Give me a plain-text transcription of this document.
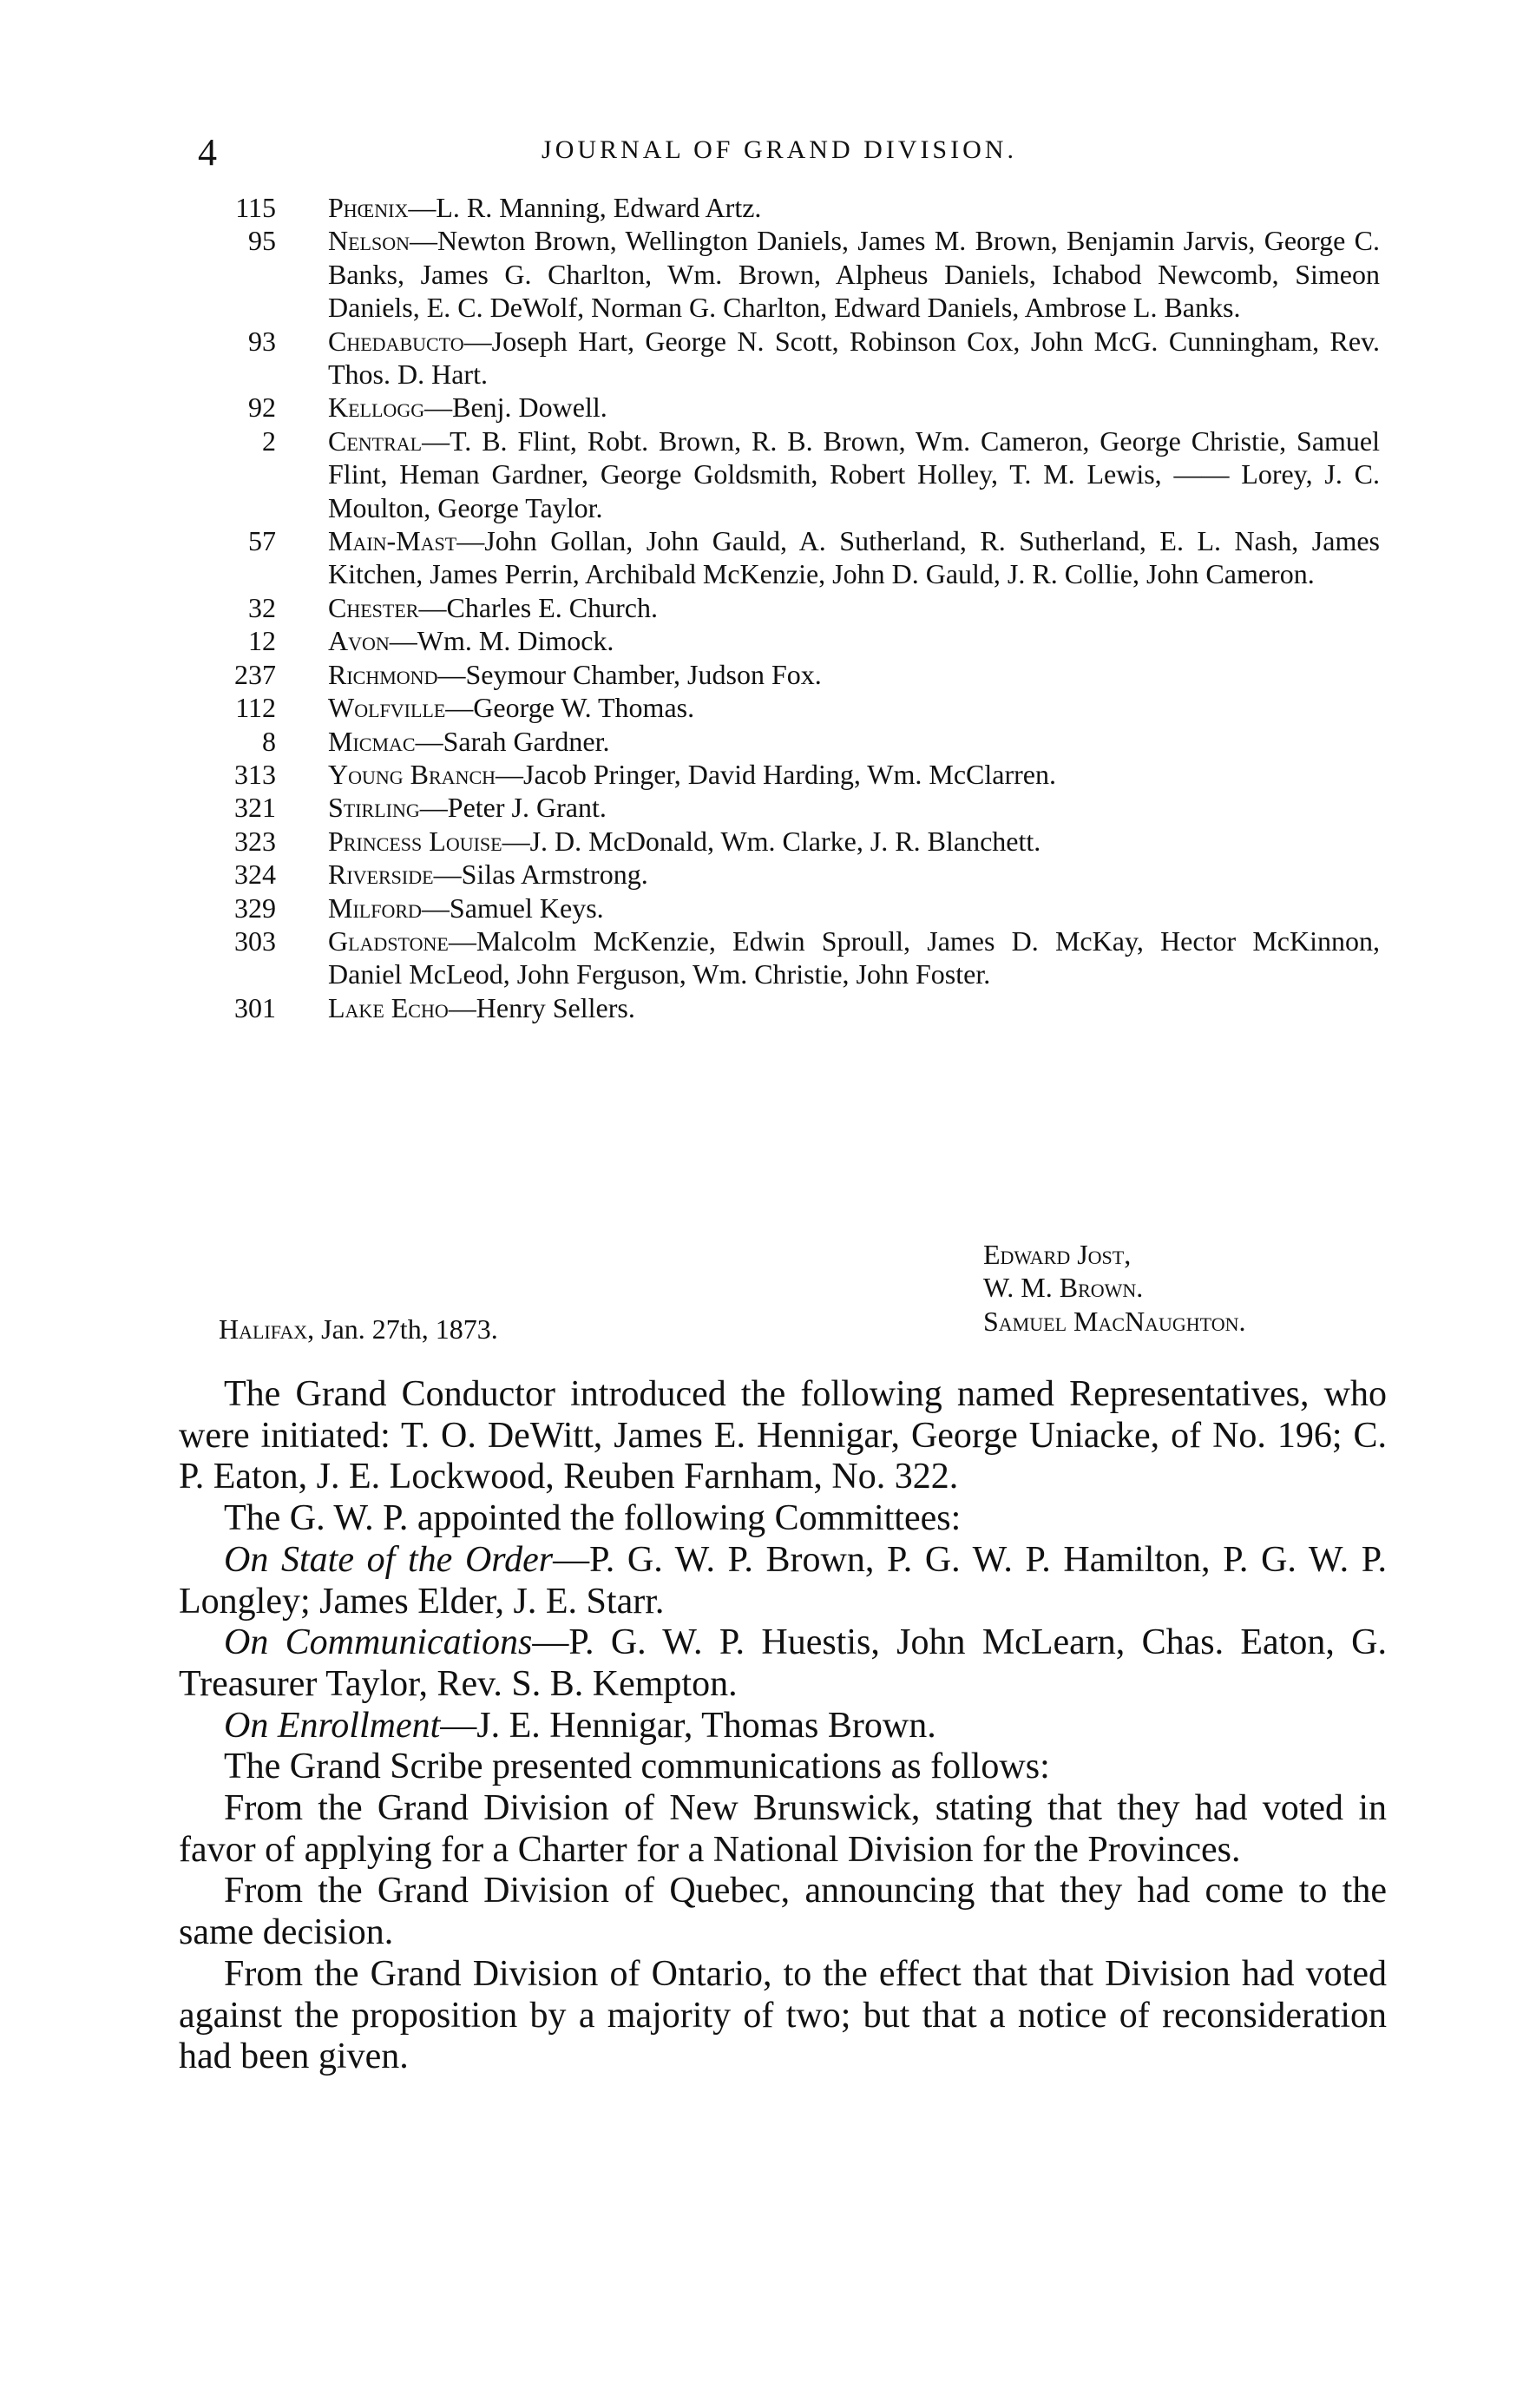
4	JOURNAL OF GRAND DIVISION.

115 Phœnix—L. R. Manning, Edward Artz.

95 Nelson—Newton Brown, Wellington Daniels, James M. Brown, Benjamin Jarvis, George C. Banks, James G. Charlton, Wm. Brown, Alpheus Daniels, Ichabod Newcomb, Simeon Daniels, E. C. DeWolf, Norman G. Charlton, Edward Daniels, Ambrose L. Banks.

93 Chedabucto—Joseph Hart, George N. Scott, Robinson Cox, John McG. Cunningham, Rev. Thos. D. Hart.

92 Kellogg—Benj. Dowell.

2 Central—T. B. Flint, Robt. Brown, R. B. Brown, Wm. Cameron, George Christie, Samuel Flint, Heman Gardner, George Goldsmith, Robert Holley, T. M. Lewis, —— Lorey, J. C. Moulton, George Taylor.

57 Main-Mast—John Gollan, John Gauld, A. Sutherland, R. Sutherland, E. L. Nash, James Kitchen, James Perrin, Archibald McKenzie, John D. Gauld, J. R. Collie, John Cameron.

32 Chester—Charles E. Church.

12 Avon—Wm. M. Dimock.

237 Richmond—Seymour Chamber, Judson Fox.

112 Wolfville—George W. Thomas.

8 Micmac—Sarah Gardner.

313 Young Branch—Jacob Pringer, David Harding, Wm. McClarren.

321 Stirling—Peter J. Grant.

323 Princess Louise—J. D. McDonald, Wm. Clarke, J. R. Blanchett.

324 Riverside—Silas Armstrong.

329 Milford—Samuel Keys.

303 Gladstone—Malcolm McKenzie, Edwin Sproull, James D. McKay, Hector McKinnon, Daniel McLeod, John Ferguson, Wm. Christie, John Foster.

301 Lake Echo—Henry Sellers.

Edward Jost,
W. M. Brown.
Samuel MacNaughton.
Halifax, Jan. 27th, 1873.

The Grand Conductor introduced the following named Representatives, who were initiated: T. O. DeWitt, James E. Hennigar, George Uniacke, of No. 196; C. P. Eaton, J. E. Lockwood, Reuben Farnham, No. 322.

The G. W. P. appointed the following Committees:

On State of the Order—P. G. W. P. Brown, P. G. W. P. Hamilton, P. G. W. P. Longley; James Elder, J. E. Starr.

On Communications—P. G. W. P. Huestis, John McLearn, Chas. Eaton, G. Treasurer Taylor, Rev. S. B. Kempton.

On Enrollment—J. E. Hennigar, Thomas Brown.

The Grand Scribe presented communications as follows:

From the Grand Division of New Brunswick, stating that they had voted in favor of applying for a Charter for a National Division for the Provinces.

From the Grand Division of Quebec, announcing that they had come to the same decision.

From the Grand Division of Ontario, to the effect that that Division had voted against the proposition by a majority of two; but that a notice of reconsideration had been given.
